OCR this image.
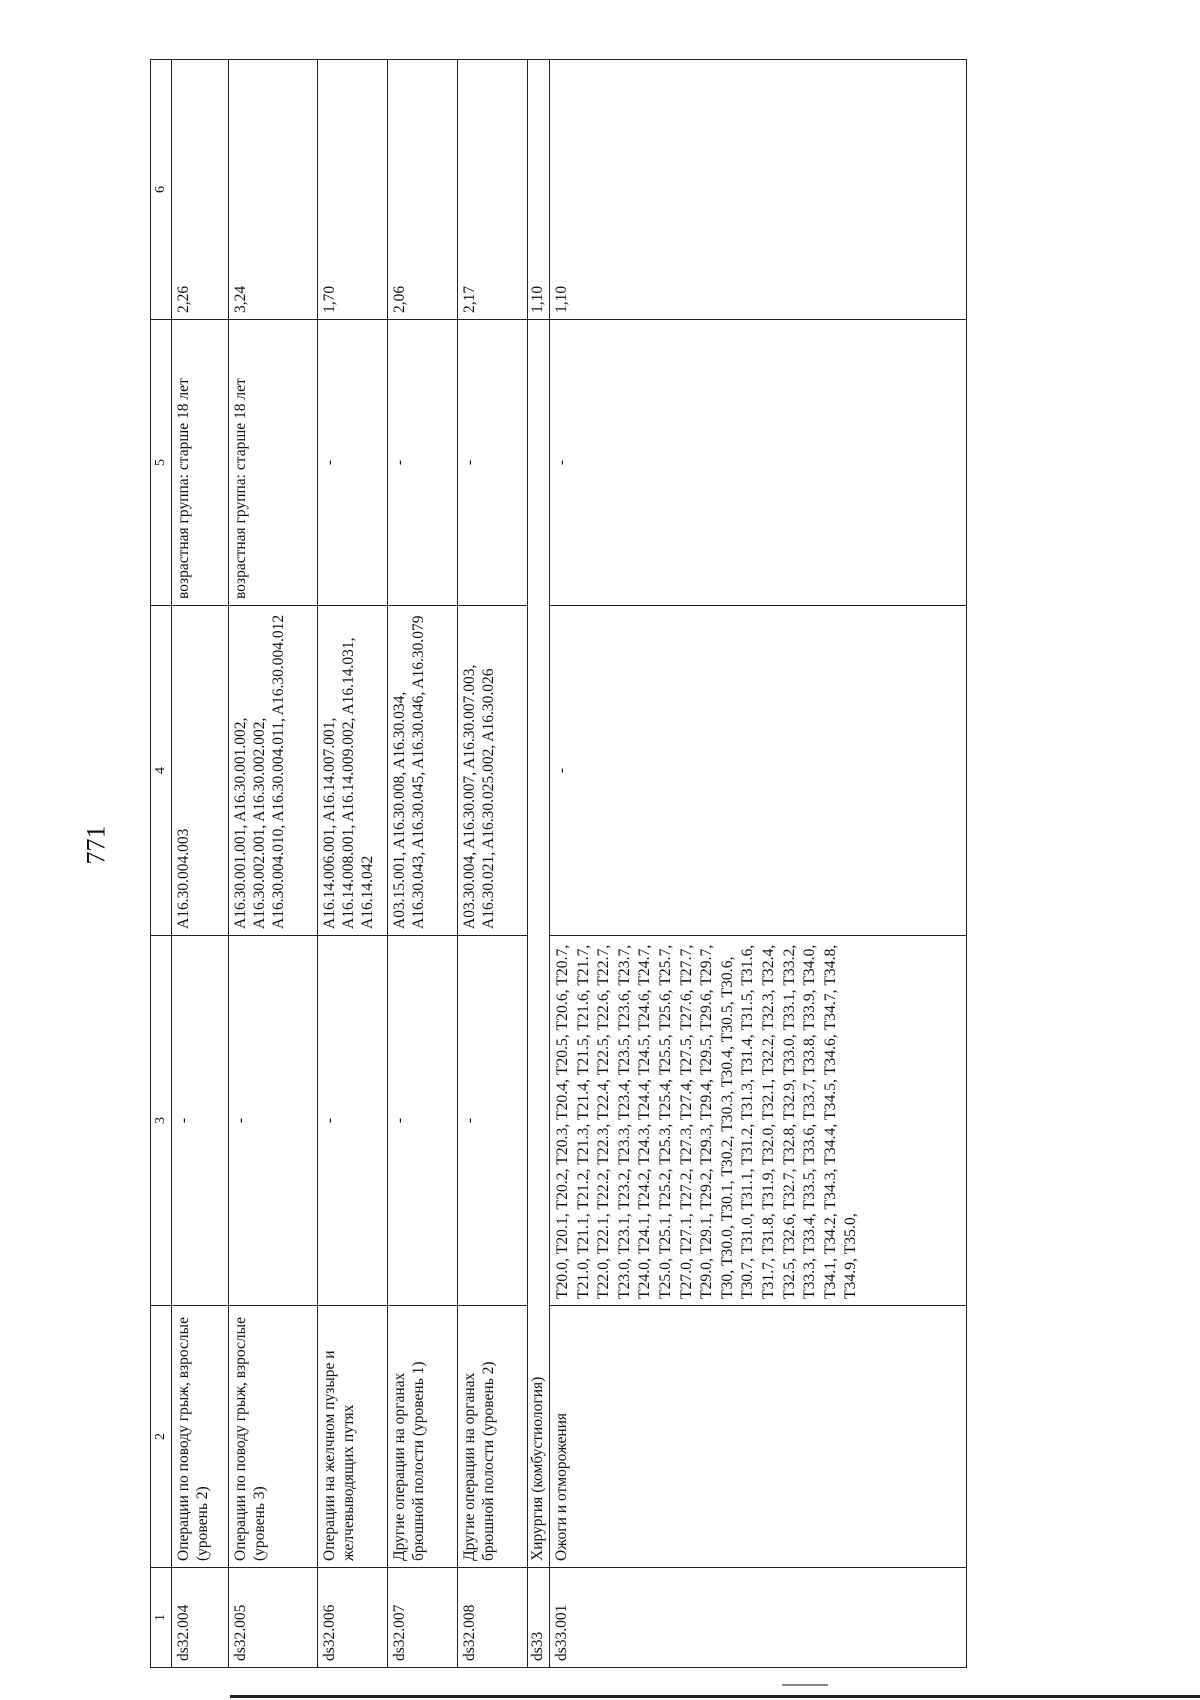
771
1	2	3	4	5	6
ds32.004	Операции по поводу грыж, взрослые (уровень 2)	-	A16.30.004.003	возрастная группа: старше 18 лет	2,26
ds32.005	Операции по поводу грыж, взрослые (уровень 3)	-	A16.30.001.001, A16.30.001.002, A16.30.002.001, A16.30.002.002, A16.30.004.010, A16.30.004.011, A16.30.004.012	возрастная группа: старше 18 лет	3,24
ds32.006	Операции на желчном пузыре и желчевыводящих путях	-	A16.14.006.001, A16.14.007.001, A16.14.008.001, A16.14.009.002, A16.14.031, A16.14.042	-	1,70
ds32.007	Другие операции на органах брюшной полости (уровень 1)	-	A03.15.001, A16.30.008, A16.30.034, A16.30.043, A16.30.045, A16.30.046, A16.30.079	-	2,06
ds32.008	Другие операции на органах брюшной полости (уровень 2)	-	A03.30.004, A16.30.007, A16.30.007.003, A16.30.021, A16.30.025.002, A16.30.026	-	2,17
ds33	Хирургия (комбустиология)				1,10
ds33.001	Ожоги и отморожения	T20.0, T20.1, T20.2, T20.3, T20.4, T20.5, T20.6, T20.7, T21.0, T21.1, T21.2, T21.3, T21.4, T21.5, T21.6, T21.7, T22.0, T22.1, T22.2, T22.3, T22.4, T22.5, T22.6, T22.7, T23.0, T23.1, T23.2, T23.3, T23.4, T23.5, T23.6, T23.7, T24.0, T24.1, T24.2, T24.3, T24.4, T24.5, T24.6, T24.7, T25.0, T25.1, T25.2, T25.3, T25.4, T25.5, T25.6, T25.7, T27.0, T27.1, T27.2, T27.3, T27.4, T27.5, T27.6, T27.7, T29.0, T29.1, T29.2, T29.3, T29.4, T29.5, T29.6, T29.7, T30, T30.0, T30.1, T30.2, T30.3, T30.4, T30.5, T30.6, T30.7, T31.0, T31.1, T31.2, T31.3, T31.4, T31.5, T31.6, T31.7, T31.8, T31.9, T32.0, T32.1, T32.2, T32.3, T32.4, T32.5, T32.6, T32.7, T32.8, T32.9, T33.0, T33.1, T33.2, T33.3, T33.4, T33.5, T33.6, T33.7, T33.8, T33.9, T34.0, T34.1, T34.2, T34.3, T34.4, T34.5, T34.6, T34.7, T34.8, T34.9, T35.0,	-	-	1,10
